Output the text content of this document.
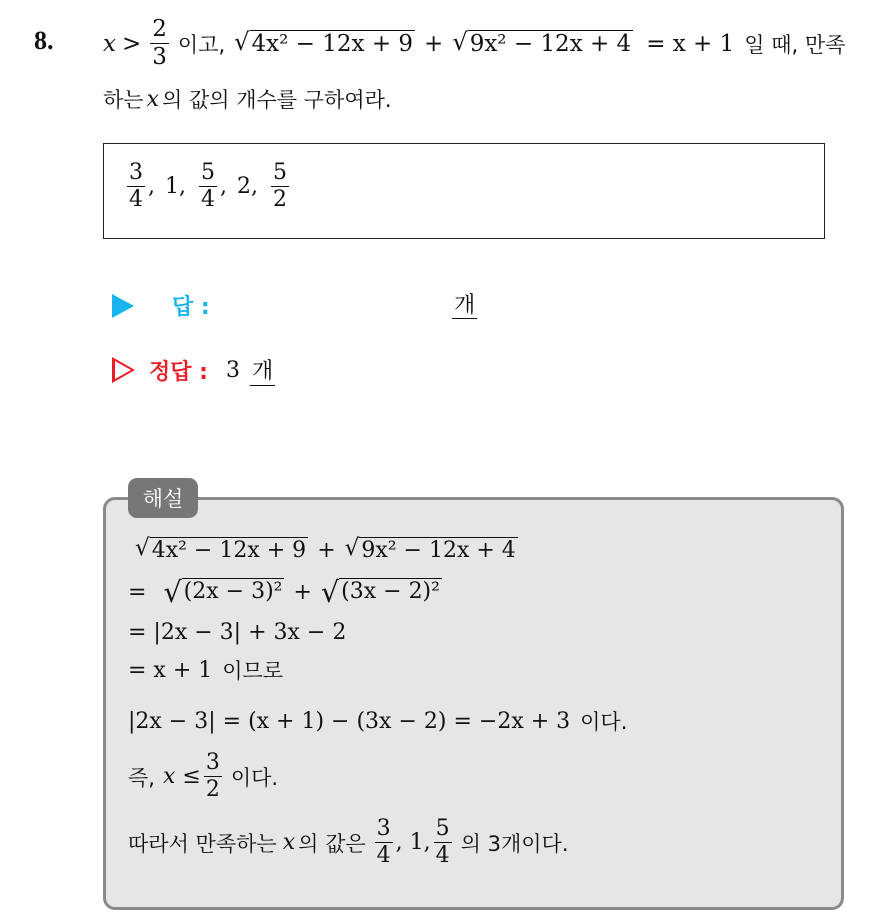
8. $x > \frac{2}{3}$ 이고, √ 4x² − 12x + 9 + √ 9x² − 12x + 4 = x + 1 일 때, 만족
하는 x 의 값의 개수를 구하여라.
$\frac{3}{4}$ , 1, $\frac{5}{4}$ , 2, $\frac{5}{2}$
답 :	개
정답 : 3 개
해설
√ 4x² − 12x + 9 + √ 9x² − 12x + 4
= √ (2x − 3)² + √ (3x − 2)²
= |2x − 3| + 3x − 2
= x + 1 이므로
|2x − 3| = (x + 1) − (3x − 2) = −2x + 3 이다.
즉, $x \le \frac{3}{2}$ 이다.
따라서 만족하는 x 의 값은 $\frac{3}{4}$ , 1, $\frac{5}{4}$ 의 3개이다.
